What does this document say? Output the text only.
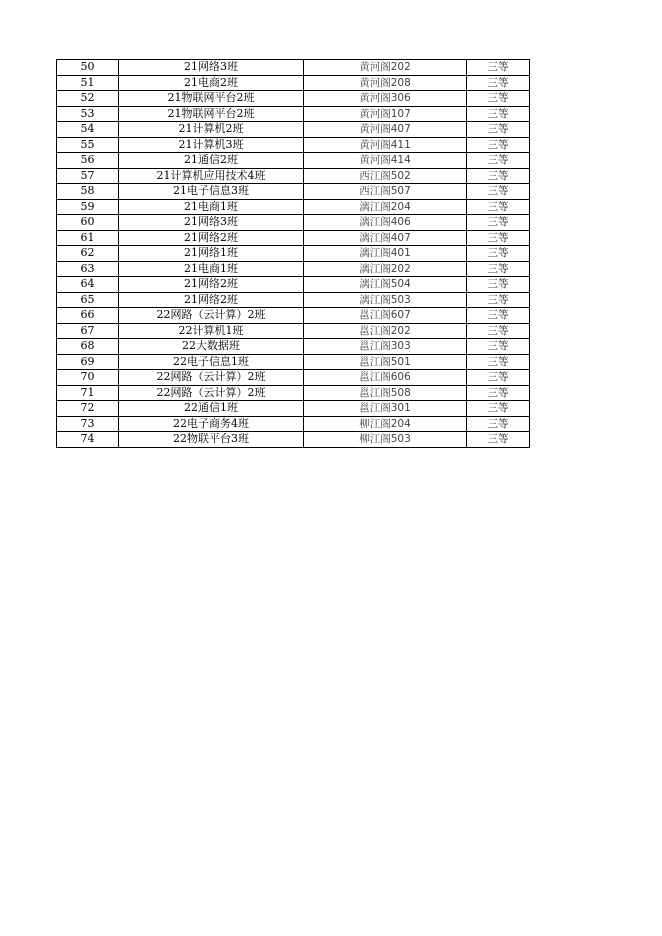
50	21网络3班	黄河阁202	三等
51	21电商2班	黄河阁208	三等
52	21物联网平台2班	黄河阁306	三等
53	21物联网平台2班	黄河阁107	三等
54	21计算机2班	黄河阁407	三等
55	21计算机3班	黄河阁411	三等
56	21通信2班	黄河阁414	三等
57	21计算机应用技术4班	西江阁502	三等
58	21电子信息3班	西江阁507	三等
59	21电商1班	漓江阁204	三等
60	21网络3班	漓江阁406	三等
61	21网络2班	漓江阁407	三等
62	21网络1班	漓江阁401	三等
63	21电商1班	漓江阁202	三等
64	21网络2班	漓江阁504	三等
65	21网络2班	漓江阁503	三等
66	22网路（云计算）2班	邕江阁607	三等
67	22计算机1班	邕江阁202	三等
68	22大数据班	邕江阁303	三等
69	22电子信息1班	邕江阁501	三等
70	22网路（云计算）2班	邕江阁606	三等
71	22网路（云计算）2班	邕江阁508	三等
72	22通信1班	邕江阁301	三等
73	22电子商务4班	柳江阁204	三等
74	22物联平台3班	柳江阁503	三等
